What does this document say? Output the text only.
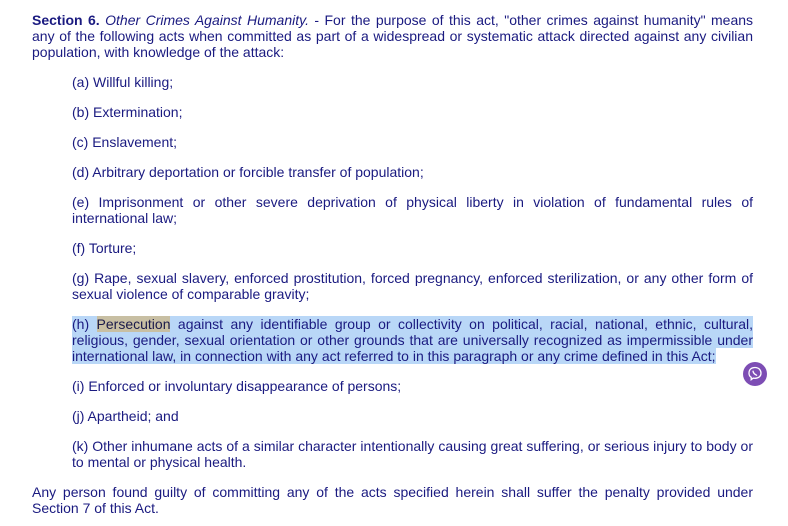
Section 6. Other Crimes Against Humanity. - For the purpose of this act, "other crimes against humanity" means any of the following acts when committed as part of a widespread or systematic attack directed against any civilian population, with knowledge of the attack:

(a) Willful killing;

(b) Extermination;

(c) Enslavement;

(d) Arbitrary deportation or forcible transfer of population;

(e) Imprisonment or other severe deprivation of physical liberty in violation of fundamental rules of international law;

(f) Torture;

(g) Rape, sexual slavery, enforced prostitution, forced pregnancy, enforced sterilization, or any other form of sexual violence of comparable gravity;

(h) Persecution against any identifiable group or collectivity on political, racial, national, ethnic, cultural, religious, gender, sexual orientation or other grounds that are universally recognized as impermissible under international law, in connection with any act referred to in this paragraph or any crime defined in this Act;

(i) Enforced or involuntary disappearance of persons;

(j) Apartheid; and

(k) Other inhumane acts of a similar character intentionally causing great suffering, or serious injury to body or to mental or physical health.

Any person found guilty of committing any of the acts specified herein shall suffer the penalty provided under Section 7 of this Act.
